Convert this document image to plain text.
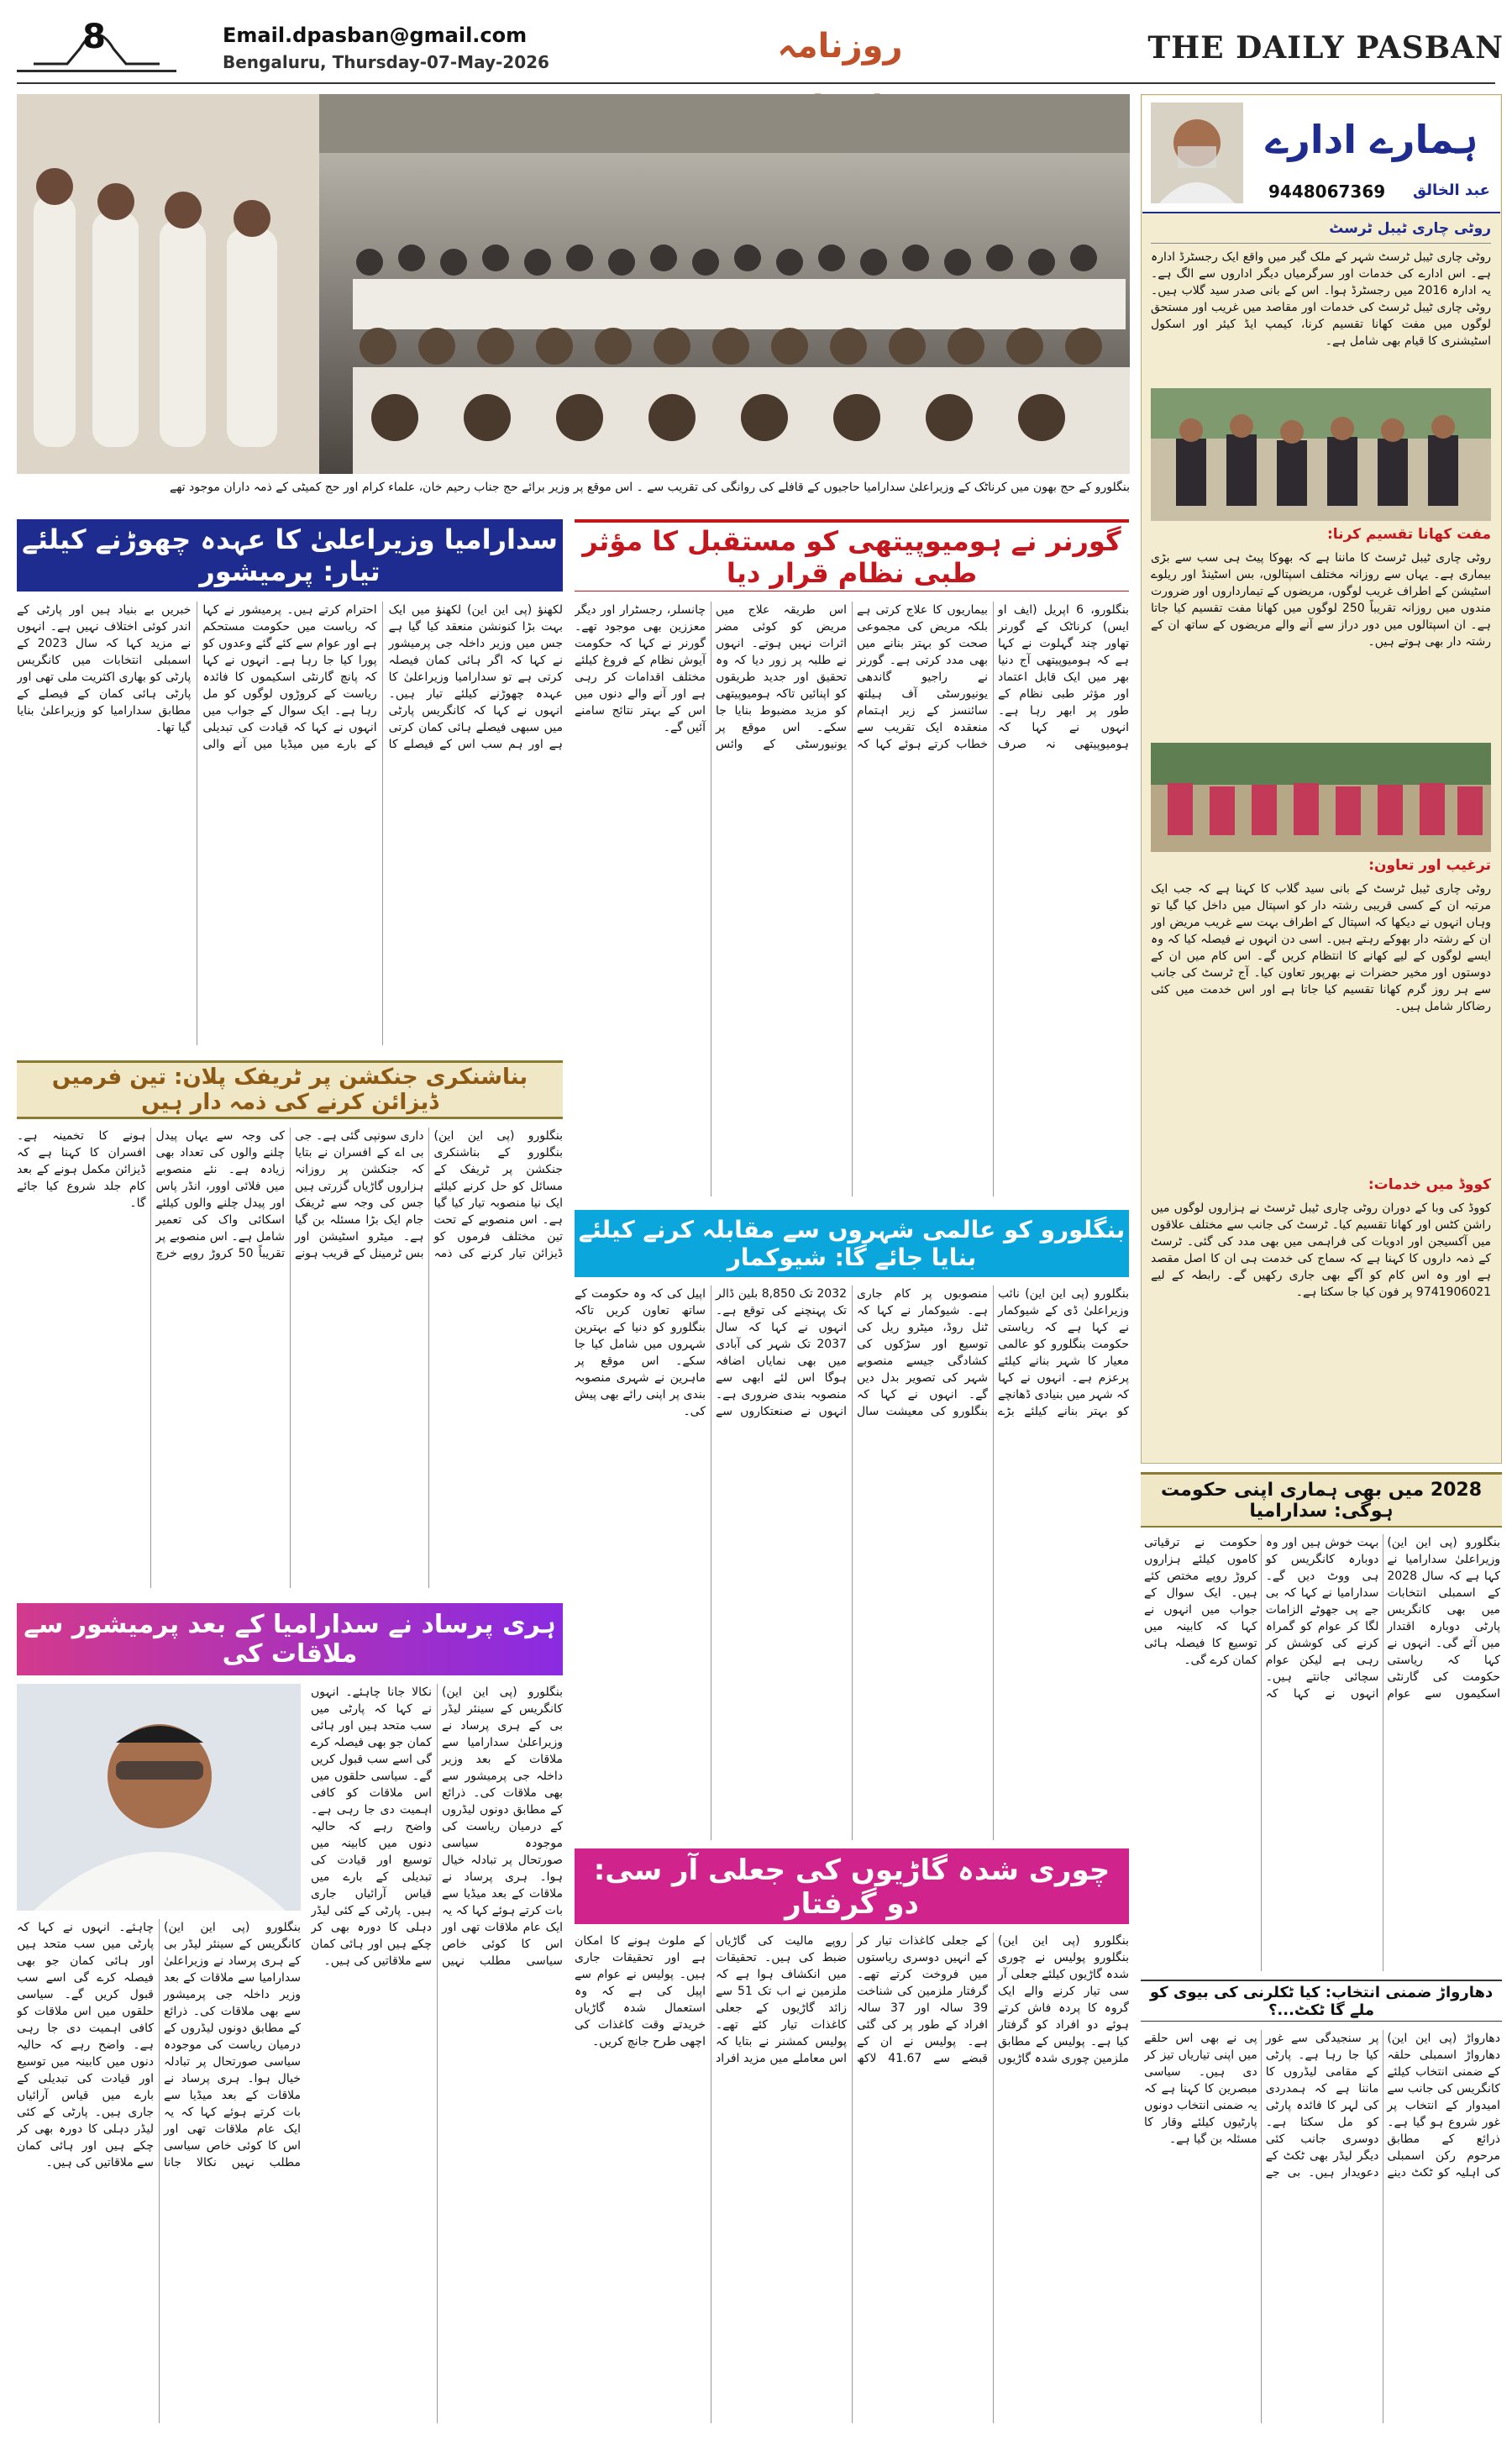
8	Email.dpasban@gmail.com
Bengaluru, Thursday-07-May-2026	روزنامہ	THE DAILY PASBAN
بنگلورو کے حج بھون میں کرناٹک کے وزیراعلیٰ سدارامیا حاجیوں کے قافلے کی روانگی کی تقریب سے ۔ اس موقع پر وزیر برائے حج جناب رحیم خان، علماء کرام اور حج کمیٹی کے ذمہ داران موجود تھے
ہمارے ادارے
عبد الخالق
9448067369
روٹی چاری ٹیبل ٹرسٹ
روٹی چاری ٹیبل ٹرسٹ شہر کے ملک گیر میں واقع ایک رجسٹرڈ ادارہ ہے۔ اس ادارے کی خدمات اور سرگرمیاں دیگر اداروں سے الگ ہے۔ یہ ادارہ 2016 میں رجسٹرڈ ہوا۔ اس کے بانی صدر سید گلاب ہیں۔ روٹی چاری ٹیبل ٹرسٹ کی خدمات اور مقاصد میں غریب اور مستحق لوگوں میں مفت کھانا تقسیم کرنا، کیمپ ایڈ کیئر اور اسکول اسٹیشنری کا قیام بھی شامل ہے۔
مفت کھانا تقسیم کرنا:
روٹی چاری ٹیبل ٹرسٹ کا ماننا ہے کہ بھوکا پیٹ ہی سب سے بڑی بیماری ہے۔ یہاں سے روزانہ مختلف اسپتالوں، بس اسٹینڈ اور ریلوے اسٹیشن کے اطراف غریب لوگوں، مریضوں کے تیمارداروں اور ضرورت مندوں میں روزانہ تقریباً 250 لوگوں میں کھانا مفت تقسیم کیا جاتا ہے۔ ان اسپتالوں میں دور دراز سے آنے والے مریضوں کے ساتھ ان کے رشتہ دار بھی ہوتے ہیں۔
ترغیب اور تعاون:
روٹی چاری ٹیبل ٹرسٹ کے بانی سید گلاب کا کہنا ہے کہ جب ایک مرتبہ ان کے کسی قریبی رشتہ دار کو اسپتال میں داخل کیا گیا تو وہاں انہوں نے دیکھا کہ اسپتال کے اطراف بہت سے غریب مریض اور ان کے رشتہ دار بھوکے رہتے ہیں۔ اسی دن انہوں نے فیصلہ کیا کہ وہ ایسے لوگوں کے لیے کھانے کا انتظام کریں گے۔ اس کام میں ان کے دوستوں اور مخیر حضرات نے بھرپور تعاون کیا۔ آج ٹرسٹ کی جانب سے ہر روز گرم کھانا تقسیم کیا جاتا ہے اور اس خدمت میں کئی رضاکار شامل ہیں۔
کووڈ میں خدمات:
کووڈ کی وبا کے دوران روٹی چاری ٹیبل ٹرسٹ نے ہزاروں لوگوں میں راشن کٹس اور کھانا تقسیم کیا۔ ٹرسٹ کی جانب سے مختلف علاقوں میں آکسیجن اور ادویات کی فراہمی میں بھی مدد کی گئی۔ ٹرسٹ کے ذمہ داروں کا کہنا ہے کہ سماج کی خدمت ہی ان کا اصل مقصد ہے اور وہ اس کام کو آگے بھی جاری رکھیں گے۔ رابطہ کے لیے 9741906021 پر فون کیا جا سکتا ہے۔
سدارامیا وزیراعلیٰ کا عہدہ چھوڑنے کیلئے تیار: پرمیشور
لکھنؤ (پی این این) لکھنؤ میں ایک بہت بڑا کنونشن منعقد کیا گیا ہے جس میں وزیر داخلہ جی پرمیشور نے کہا کہ اگر ہائی کمان فیصلہ کرتی ہے تو سدارامیا وزیراعلیٰ کا عہدہ چھوڑنے کیلئے تیار ہیں۔ انہوں نے کہا کہ کانگریس پارٹی میں سبھی فیصلے ہائی کمان کرتی ہے اور ہم سب اس کے فیصلے کا احترام کرتے ہیں۔ پرمیشور نے کہا کہ ریاست میں حکومت مستحکم ہے اور عوام سے کئے گئے وعدوں کو پورا کیا جا رہا ہے۔ انہوں نے کہا کہ پانچ گارنٹی اسکیموں کا فائدہ ریاست کے کروڑوں لوگوں کو مل رہا ہے۔ ایک سوال کے جواب میں انہوں نے کہا کہ قیادت کی تبدیلی کے بارے میں میڈیا میں آنے والی خبریں بے بنیاد ہیں اور پارٹی کے اندر کوئی اختلاف نہیں ہے۔ انہوں نے مزید کہا کہ سال 2023 کے اسمبلی انتخابات میں کانگریس پارٹی کو بھاری اکثریت ملی تھی اور پارٹی ہائی کمان کے فیصلے کے مطابق سدارامیا کو وزیراعلیٰ بنایا گیا تھا۔
گورنر نے ہومیوپیتھی کو مستقبل کا مؤثر طبی نظام قرار دیا
بنگلورو، 6 اپریل (ایف او ایس) کرناٹک کے گورنر تھاور چند گہلوت نے کہا ہے کہ ہومیوپیتھی آج دنیا بھر میں ایک قابل اعتماد اور مؤثر طبی نظام کے طور پر ابھر رہا ہے۔ انہوں نے کہا کہ ہومیوپیتھی نہ صرف بیماریوں کا علاج کرتی ہے بلکہ مریض کی مجموعی صحت کو بہتر بنانے میں بھی مدد کرتی ہے۔ گورنر نے راجیو گاندھی یونیورسٹی آف ہیلتھ سائنسز کے زیر اہتمام منعقدہ ایک تقریب سے خطاب کرتے ہوئے کہا کہ اس طریقہ علاج میں مریض کو کوئی مضر اثرات نہیں ہوتے۔ انہوں نے طلبہ پر زور دیا کہ وہ تحقیق اور جدید طریقوں کو اپنائیں تاکہ ہومیوپیتھی کو مزید مضبوط بنایا جا سکے۔ اس موقع پر یونیورسٹی کے وائس چانسلر، رجسٹرار اور دیگر معززین بھی موجود تھے۔ گورنر نے کہا کہ حکومت آیوش نظام کے فروغ کیلئے مختلف اقدامات کر رہی ہے اور آنے والے دنوں میں اس کے بہتر نتائج سامنے آئیں گے۔
بناشنکری جنکشن پر ٹریفک پلان: تین فرمیں ڈیزائن کرنے کی ذمہ دار ہیں
بنگلورو (پی این این) بنگلورو کے بناشنکری جنکشن پر ٹریفک کے مسائل کو حل کرنے کیلئے ایک نیا منصوبہ تیار کیا گیا ہے۔ اس منصوبے کے تحت تین مختلف فرموں کو ڈیزائن تیار کرنے کی ذمہ داری سونپی گئی ہے۔ جی بی اے کے افسران نے بتایا کہ جنکشن پر روزانہ ہزاروں گاڑیاں گزرتی ہیں جس کی وجہ سے ٹریفک جام ایک بڑا مسئلہ بن گیا ہے۔ میٹرو اسٹیشن اور بس ٹرمینل کے قریب ہونے کی وجہ سے یہاں پیدل چلنے والوں کی تعداد بھی زیادہ ہے۔ نئے منصوبے میں فلائی اوور، انڈر پاس اور پیدل چلنے والوں کیلئے اسکائی واک کی تعمیر شامل ہے۔ اس منصوبے پر تقریباً 50 کروڑ روپے خرچ ہونے کا تخمینہ ہے۔ افسران کا کہنا ہے کہ ڈیزائن مکمل ہونے کے بعد کام جلد شروع کیا جائے گا۔
بنگلورو کو عالمی شہروں سے مقابلہ کرنے کیلئے بنایا جائے گا: شیوکمار
بنگلورو (پی این این) نائب وزیراعلیٰ ڈی کے شیوکمار نے کہا ہے کہ ریاستی حکومت بنگلورو کو عالمی معیار کا شہر بنانے کیلئے پرعزم ہے۔ انہوں نے کہا کہ شہر میں بنیادی ڈھانچے کو بہتر بنانے کیلئے بڑے منصوبوں پر کام جاری ہے۔ شیوکمار نے کہا کہ ٹنل روڈ، میٹرو ریل کی توسیع اور سڑکوں کی کشادگی جیسے منصوبے شہر کی تصویر بدل دیں گے۔ انہوں نے کہا کہ بنگلورو کی معیشت سال 2032 تک 8,850 بلین ڈالر تک پہنچنے کی توقع ہے۔ انہوں نے کہا کہ سال 2037 تک شہر کی آبادی میں بھی نمایاں اضافہ ہوگا اس لئے ابھی سے منصوبہ بندی ضروری ہے۔ انہوں نے صنعتکاروں سے اپیل کی کہ وہ حکومت کے ساتھ تعاون کریں تاکہ بنگلورو کو دنیا کے بہترین شہروں میں شامل کیا جا سکے۔ اس موقع پر ماہرین نے شہری منصوبہ بندی پر اپنی رائے بھی پیش کی۔
2028 میں بھی ہماری اپنی حکومت ہوگی: سدارامیا
بنگلورو (پی این این) وزیراعلیٰ سدارامیا نے کہا ہے کہ سال 2028 کے اسمبلی انتخابات میں بھی کانگریس پارٹی دوبارہ اقتدار میں آئے گی۔ انہوں نے کہا کہ ریاستی حکومت کی گارنٹی اسکیموں سے عوام بہت خوش ہیں اور وہ دوبارہ کانگریس کو ہی ووٹ دیں گے۔ سدارامیا نے کہا کہ بی جے پی جھوٹے الزامات لگا کر عوام کو گمراہ کرنے کی کوشش کر رہی ہے لیکن عوام سچائی جانتے ہیں۔ انہوں نے کہا کہ حکومت نے ترقیاتی کاموں کیلئے ہزاروں کروڑ روپے مختص کئے ہیں۔ ایک سوال کے جواب میں انہوں نے کہا کہ کابینہ میں توسیع کا فیصلہ ہائی کمان کرے گی۔
ہری پرساد نے سدارامیا کے بعد پرمیشور سے ملاقات کی
بنگلورو (پی این این) کانگریس کے سینئر لیڈر بی کے ہری پرساد نے وزیراعلیٰ سدارامیا سے ملاقات کے بعد وزیر داخلہ جی پرمیشور سے بھی ملاقات کی۔ ذرائع کے مطابق دونوں لیڈروں کے درمیان ریاست کی موجودہ سیاسی صورتحال پر تبادلہ خیال ہوا۔ ہری پرساد نے ملاقات کے بعد میڈیا سے بات کرتے ہوئے کہا کہ یہ ایک عام ملاقات تھی اور اس کا کوئی خاص سیاسی مطلب نہیں نکالا جانا چاہئے۔ انہوں نے کہا کہ پارٹی میں سب متحد ہیں اور ہائی کمان جو بھی فیصلہ کرے گی اسے سب قبول کریں گے۔ سیاسی حلقوں میں اس ملاقات کو کافی اہمیت دی جا رہی ہے۔ واضح رہے کہ حالیہ دنوں میں کابینہ میں توسیع اور قیادت کی تبدیلی کے بارے میں قیاس آرائیاں جاری ہیں۔ پارٹی کے کئی لیڈر دہلی کا دورہ بھی کر چکے ہیں اور ہائی کمان سے ملاقاتیں کی ہیں۔
بنگلورو (پی این این) کانگریس کے سینئر لیڈر بی کے ہری پرساد نے وزیراعلیٰ سدارامیا سے ملاقات کے بعد وزیر داخلہ جی پرمیشور سے بھی ملاقات کی۔ ذرائع کے مطابق دونوں لیڈروں کے درمیان ریاست کی موجودہ سیاسی صورتحال پر تبادلہ خیال ہوا۔ ہری پرساد نے ملاقات کے بعد میڈیا سے بات کرتے ہوئے کہا کہ یہ ایک عام ملاقات تھی اور اس کا کوئی خاص سیاسی مطلب نہیں نکالا جانا چاہئے۔ انہوں نے کہا کہ پارٹی میں سب متحد ہیں اور ہائی کمان جو بھی فیصلہ کرے گی اسے سب قبول کریں گے۔ سیاسی حلقوں میں اس ملاقات کو کافی اہمیت دی جا رہی ہے۔ واضح رہے کہ حالیہ دنوں میں کابینہ میں توسیع اور قیادت کی تبدیلی کے بارے میں قیاس آرائیاں جاری ہیں۔ پارٹی کے کئی لیڈر دہلی کا دورہ بھی کر چکے ہیں اور ہائی کمان سے ملاقاتیں کی ہیں۔
چوری شدہ گاڑیوں کی جعلی آر سی: دو گرفتار
بنگلورو (پی این این) بنگلورو پولیس نے چوری شدہ گاڑیوں کیلئے جعلی آر سی تیار کرنے والے ایک گروہ کا پردہ فاش کرتے ہوئے دو افراد کو گرفتار کیا ہے۔ پولیس کے مطابق ملزمین چوری شدہ گاڑیوں کے جعلی کاغذات تیار کر کے انہیں دوسری ریاستوں میں فروخت کرتے تھے۔ گرفتار ملزمین کی شناخت 39 سالہ اور 37 سالہ افراد کے طور پر کی گئی ہے۔ پولیس نے ان کے قبضے سے 41.67 لاکھ روپے مالیت کی گاڑیاں ضبط کی ہیں۔ تحقیقات میں انکشاف ہوا ہے کہ ملزمین نے اب تک 51 سے زائد گاڑیوں کے جعلی کاغذات تیار کئے تھے۔ پولیس کمشنر نے بتایا کہ اس معاملے میں مزید افراد کے ملوث ہونے کا امکان ہے اور تحقیقات جاری ہیں۔ پولیس نے عوام سے اپیل کی ہے کہ وہ استعمال شدہ گاڑیاں خریدتے وقت کاغذات کی اچھی طرح جانچ کریں۔
دھارواڑ ضمنی انتخاب: کیا ٹکلرنی کی بیوی کو ملے گا ٹکٹ...؟
دھارواڑ (پی این این) دھارواڑ اسمبلی حلقہ کے ضمنی انتخاب کیلئے کانگریس کی جانب سے امیدوار کے انتخاب پر غور شروع ہو گیا ہے۔ ذرائع کے مطابق مرحوم رکن اسمبلی کی اہلیہ کو ٹکٹ دینے پر سنجیدگی سے غور کیا جا رہا ہے۔ پارٹی کے مقامی لیڈروں کا ماننا ہے کہ ہمدردی کی لہر کا فائدہ پارٹی کو مل سکتا ہے۔ دوسری جانب کئی دیگر لیڈر بھی ٹکٹ کے دعویدار ہیں۔ بی جے پی نے بھی اس حلقے میں اپنی تیاریاں تیز کر دی ہیں۔ سیاسی مبصرین کا کہنا ہے کہ یہ ضمنی انتخاب دونوں پارٹیوں کیلئے وقار کا مسئلہ بن گیا ہے۔
